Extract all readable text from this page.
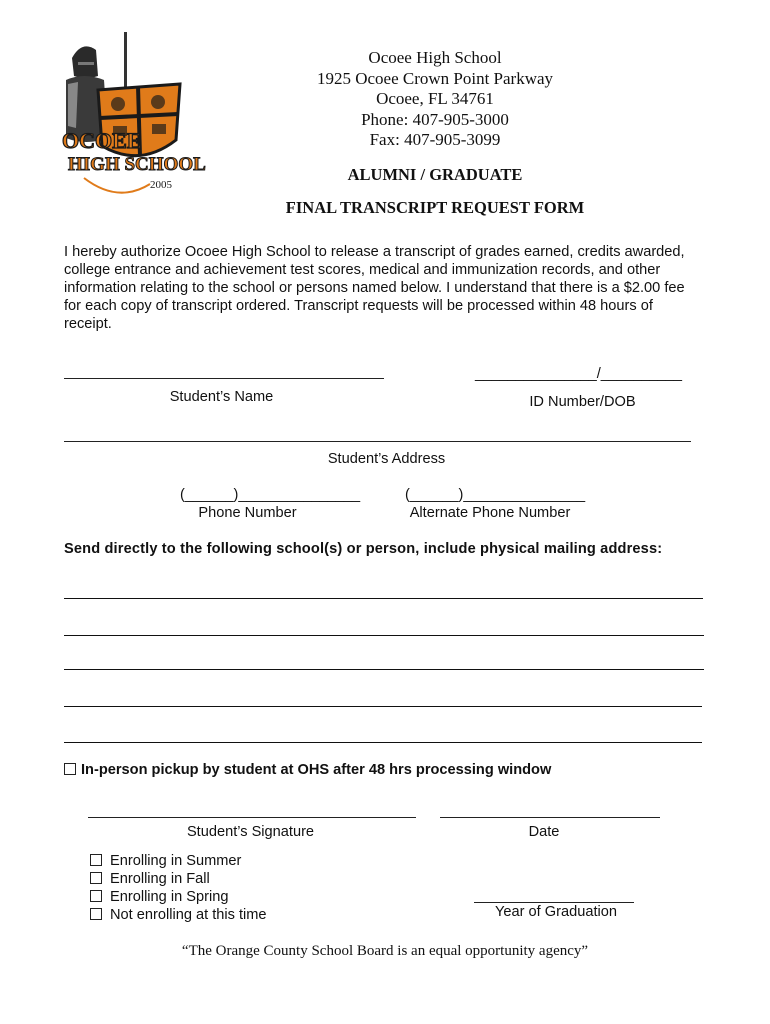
OCOEE
HIGH SCHOOL
2005
Ocoee High School
1925 Ocoee Crown Point Parkway
Ocoee, FL 34761
Phone: 407-905-3000
Fax: 407-905-3099
ALUMNI / GRADUATE
FINAL TRANSCRIPT REQUEST FORM
I hereby authorize Ocoee High School to release a transcript of grades earned, credits awarded, college entrance and achievement test scores, medical and immunization records, and other information relating to the school or persons named below. I understand that there is a $2.00 fee for each copy of transcript ordered. Transcript requests will be processed within 48 hours of receipt.
Student’s Name
_______________/__________
ID Number/DOB
Student’s Address
(______)_______________
Phone Number
(______)_______________
Alternate Phone Number
Send directly to the following school(s) or person, include physical mailing address:
In-person pickup by student at OHS after 48 hrs processing window
Student’s Signature	Date
Enrolling in Summer
Enrolling in Fall
Enrolling in Spring
Not enrolling at this time	Year of Graduation
“The Orange County School Board is an equal opportunity agency”
